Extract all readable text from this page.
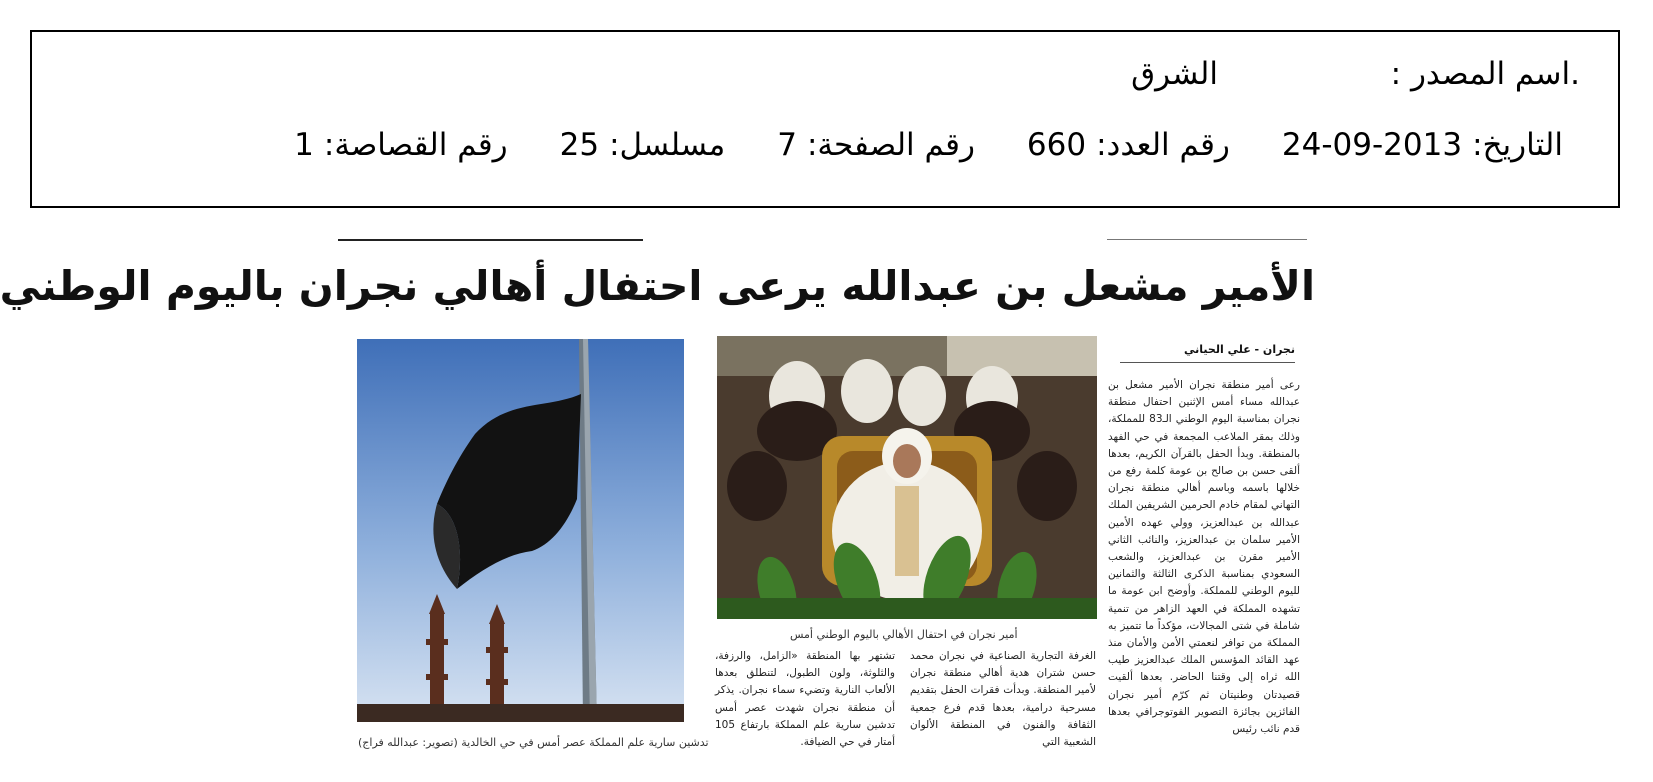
.اسم المصدر :
الشرق
التاريخ:
24-09-2013
رقم العدد:
660
رقم الصفحة:
7
مسلسل:
25
رقم القصاصة:
1
الأمير مشعل بن عبدالله يرعى احتفال أهالي نجران باليوم الوطني
تدشين سارية علم المملكة عصر أمس في حي الخالدية (تصوير: عبدالله فراج)
أمير نجران في احتفال الأهالي باليوم الوطني أمس
نجران - علي الحياني

رعى أمير منطقة نجران الأمير مشعل بن عبدالله مساء أمس الإثنين احتفال منطقة نجران بمناسبة اليوم الوطني الـ83 للمملكة، وذلك بمقر الملاعب المجمعة في حي الفهد بالمنطقة. وبدأ الحفل بالقرآن الكريم، بعدها ألقى حسن بن صالح بن عومة كلمة رفع من خلالها باسمه وباسم أهالي منطقة نجران التهاني لمقام خادم الحرمين الشريفين الملك عبدالله بن عبدالعزيز، وولي عهده الأمين الأمير سلمان بن عبدالعزيز، والنائب الثاني الأمير مقرن بن عبدالعزيز، والشعب السعودي بمناسبة الذكرى الثالثة والثمانين لليوم الوطني للمملكة. وأوضح ابن عومة ما تشهده المملكة في العهد الزاهر من تنمية شاملة في شتى المجالات، مؤكداً ما تتميز به المملكة من توافر لنعمتي الأمن والأمان منذ عهد القائد المؤسس الملك عبدالعزيز طيب الله ثراه إلى وقتنا الحاضر. بعدها ألقيت قصيدتان وطنيتان ثم كرّم أمير نجران الفائزين بجائزة التصوير الفوتوجرافي بعدها قدم نائب رئيس

الغرفة التجارية الصناعية في نجران محمد حسن شتران هدية أهالي منطقة نجران لأمير المنطقة. وبدأت فقرات الحفل بتقديم مسرحية درامية، بعدها قدم فرع جمعية الثقافة والفنون في المنطقة الألوان الشعبية التي

تشتهر بها المنطقة «الزامل، والرزفة، والثلوثة، ولون الطبول، لتنطلق بعدها الألعاب النارية وتضيء سماء نجران. يذكر أن منطقة نجران شهدت عصر أمس تدشين سارية علم المملكة بارتفاع 105 أمتار في حي الضيافة.
